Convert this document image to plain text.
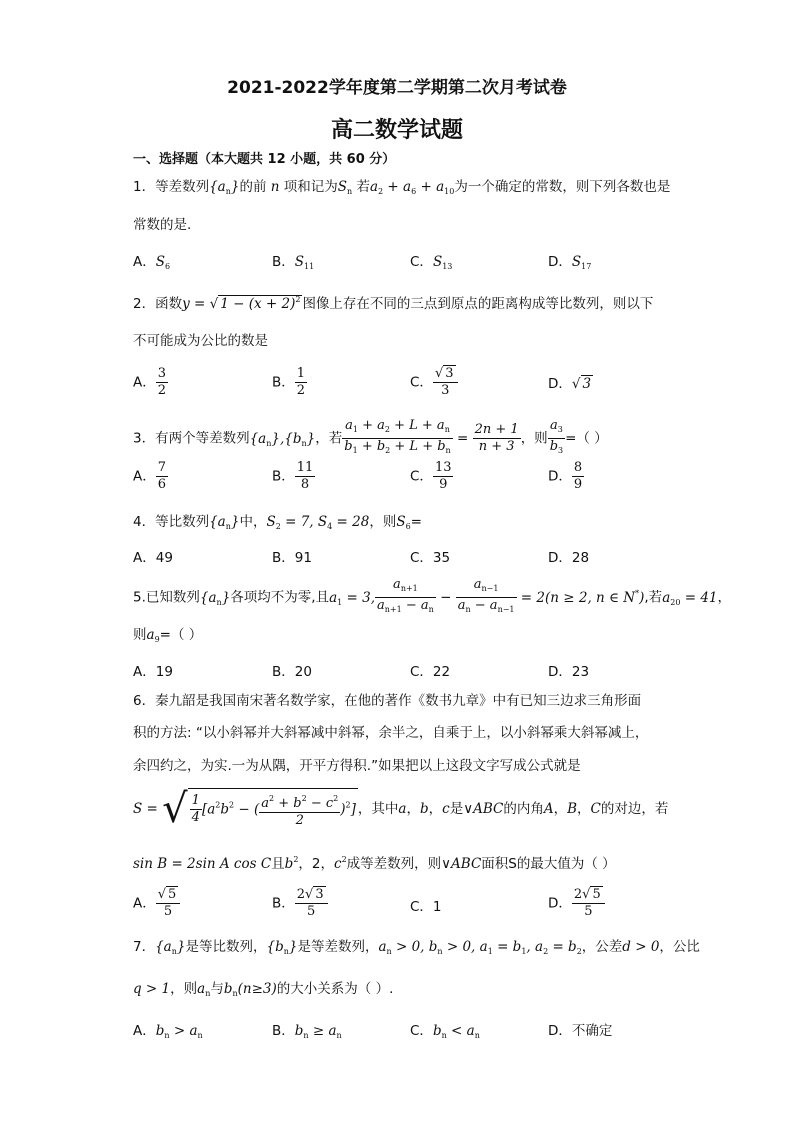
2021-2022学年度第二学期第二次月考试卷
高二数学试题
一、选择题（本大题共 12 小题，共 60 分）
1．等差数列$\{a_n\}$的前 n 项和记为$S_n$ 若$a_2 + a_6 + a_{10}$为一个确定的常数，则下列各数也是
常数的是.
A．$S_6$	B．$S_{11}$	C．$S_{13}$	D．$S_{17}$
2．函数y = √ $1 - (x + 2)^2$ 图像上存在不同的三点到原点的距离构成等比数列，则以下
不可能成为公比的数是
A． $\frac{3}{2}$	B． $\frac{1}{2}$	C． $\frac{√ 3}{3}$	D．√ 3
3．有两个等差数列$\{a_n\},\{b_n\}$，若 $\frac{a_1 + a_2 + L + a_n}{b_1 + b_2 + L + b_n} = \frac{2n + 1}{n + 3}$ ，则 $\frac{a_3}{b_3}$ =（ ）
A． $\frac{7}{6}$	B． $\frac{11}{8}$	C． $\frac{13}{9}$	D． $\frac{8}{9}$
4．等比数列$\{a_n\}$中，$S_2 = 7$, $S_4 = 28$，则$S_6=$
A．49	B．91	C．35	D．28
5.已知数列$\{a_n\}$各项均不为零,且$a_1 = 3$, $\frac{a_{n+1}}{a_{n+1} - a_n} - \frac{a_{n-1}}{a_n - a_{n-1}} = 2(n \ge 2$, n ∈ N*),若$a_{20} = 41$，
则$a_9=$（ ）
A．19	B．20	C．22	D．23
6．秦九韶是我国南宋著名数学家，在他的著作《数书九章》中有已知三边求三角形面
积的方法: “以小斜幂并大斜幂减中斜幂，余半之，自乘于上，以小斜幂乘大斜幂减上，
余四约之，为实.一为从隅，开平方得积.”如果把以上这段文字写成公式就是
S = √ $\frac{1}{4} [a^2b^2$ − ( $\frac{a^2 + b^2 - c^2}{2} )^2$] ，其中a，b，c是∨ABC的内角A，B，C的对边，若
sin B = 2sin A cos C且$b^2$，2，$c^2$成等差数列，则∨ABC面积S的最大值为（ ）
A． $\frac{√ 5}{5}$	B． $\frac{2√ 3}{5}$	C．1	D． $\frac{2√ 5}{5}$
7．$\{a_n\}$是等比数列，$\{b_n\}$是等差数列，$a_n > 0$, $b_n > 0$, $a_1 = b_1$, $a_2 = b_2$，公差d > 0，公比
q > 1，则$a_n$与$b_n(n\ge 3)$的大小关系为（ ）.
A．$b_n > a_n$	B．$b_n \ge a_n$	C．$b_n < a_n$	D．不确定
